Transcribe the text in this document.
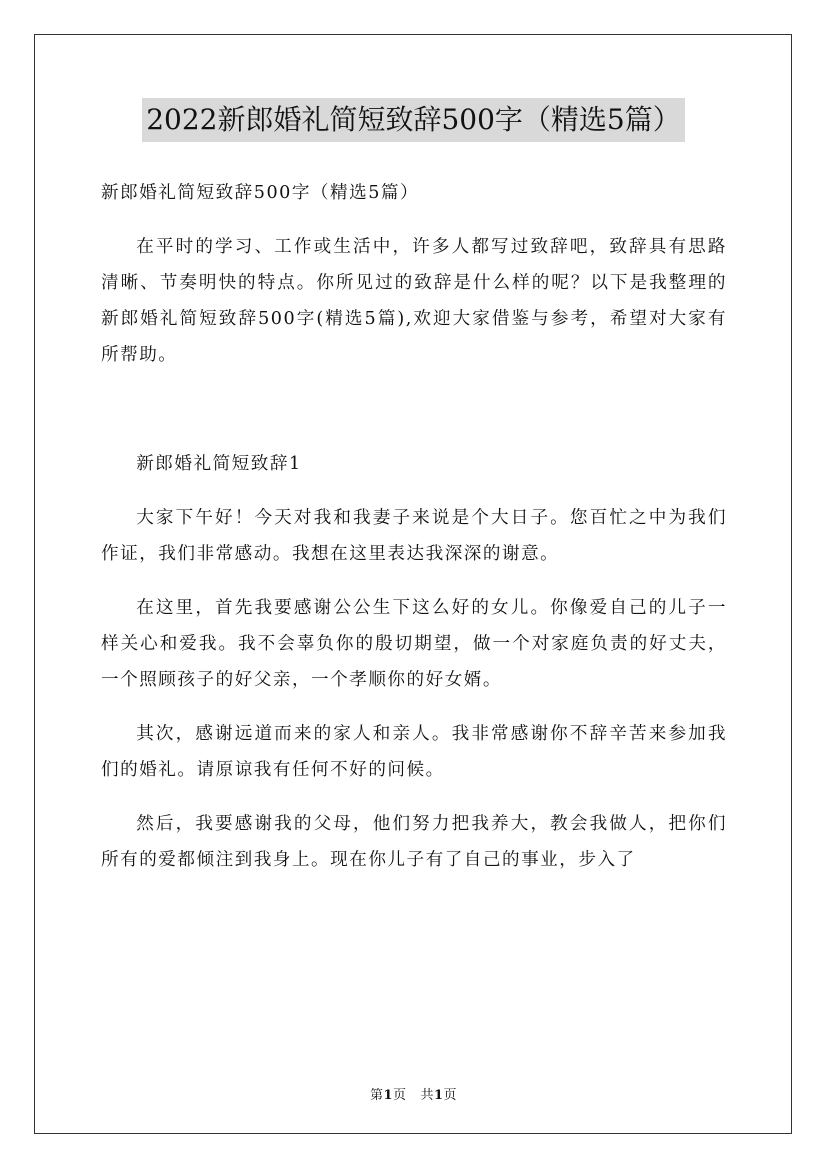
2022新郎婚礼简短致辞500字（精选5篇）

新郎婚礼简短致辞500字（精选5篇）

在平时的学习、工作或生活中，许多人都写过致辞吧，致辞具有思路清晰、节奏明快的特点。你所见过的致辞是什么样的呢？以下是我整理的新郎婚礼简短致辞500字(精选5篇),欢迎大家借鉴与参考，希望对大家有所帮助。

新郎婚礼简短致辞1

大家下午好！今天对我和我妻子来说是个大日子。您百忙之中为我们作证，我们非常感动。我想在这里表达我深深的谢意。

在这里，首先我要感谢公公生下这么好的女儿。你像爱自己的儿子一样关心和爱我。我不会辜负你的殷切期望，做一个对家庭负责的好丈夫，一个照顾孩子的好父亲，一个孝顺你的好女婿。

其次，感谢远道而来的家人和亲人。我非常感谢你不辞辛苦来参加我们的婚礼。请原谅我有任何不好的问候。

然后，我要感谢我的父母，他们努力把我养大，教会我做人，把你们所有的爱都倾注到我身上。现在你儿子有了自己的事业，步入了

第1页 共1页
